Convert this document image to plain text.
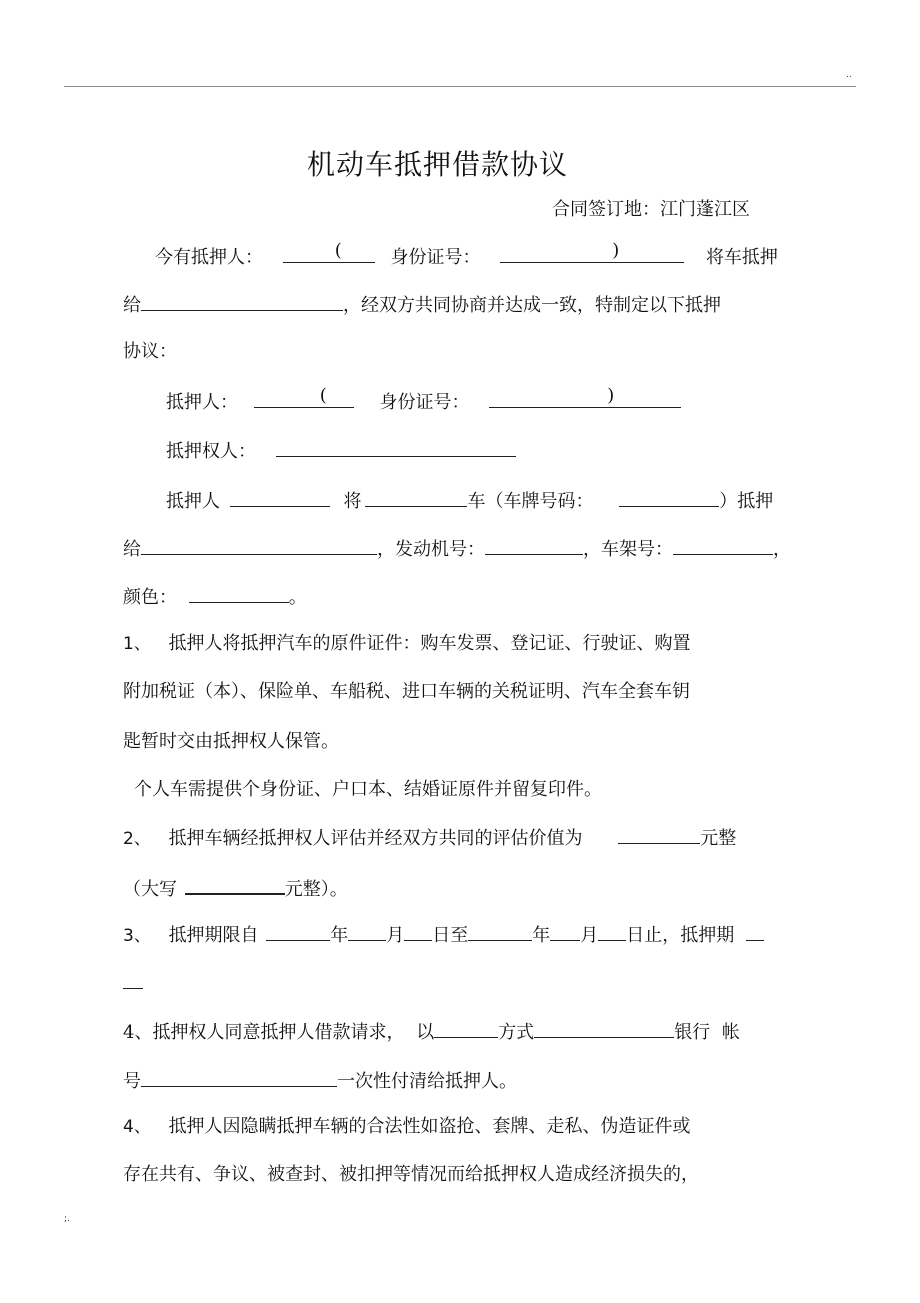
..
机动车抵押借款协议
合同签订地：江门蓬江区
今有抵押人：	(	身份证号：	)	将车抵押
给	，经双方共同协商并达成一致，特制定以下抵押
协议：
抵押人：	(	身份证号：	)
抵押权人：
抵押人	将	车（车牌号码：	）抵押
给	，发动机号：	，车架号：	，
颜色：	。
1、 抵押人将抵押汽车的原件证件：购车发票、登记证、行驶证、购置
附加税证（本）、保险单、车船税、进口车辆的关税证明、汽车全套车钥
匙暂时交由抵押权人保管。
个人车需提供个身份证、户口本、结婚证原件并留复印件。
2、 抵押车辆经抵押权人评估并经双方共同的评估价值为	元整
（大写	元整）。
3、 抵押期限自	年 月 日至	年 月 日止，抵押期
4、抵押权人同意抵押人借款请求， 以	方式	银行 帐
号	一次性付清给抵押人。
4、 抵押人因隐瞒抵押车辆的合法性如盗抢、套牌、走私、伪造证件或
存在共有、争议、被查封、被扣押等情况而给抵押权人造成经济损失的，
;.
